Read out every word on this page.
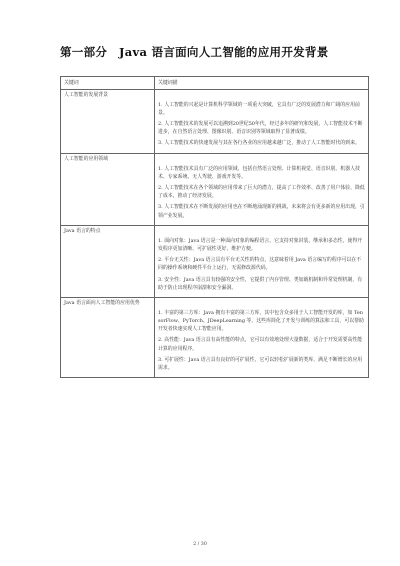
第一部分　Java 语言面向人工智能的应用开发背景
关键词	关键词描
人工智能的发展背景	1. 人工智能的兴起是计算机科学领域的一项重大突破，它具有广泛的发展潜力和广阔的应用前景。
2. 人工智能技术的发展可以追溯到20世纪50年代，经过多年的研究和发展，人工智能技术不断进步，在自然语言处理、图像识别、语音识别等领域取得了显著成绩。
3. 人工智能技术的快速发展与其在各行各业的应用越来越广泛，推动了人工智能时代的到来。

人工智能的应用领域	1. 人工智能技术具有广泛的应用领域，包括自然语言处理、计算机视觉、语音识别、机器人技术、专家系统、无人驾驶、游戏开发等。
2. 人工智能技术在各个领域的应用带来了巨大的潜力，提高了工作效率、改善了用户体验、降低了成本，推动了经济发展。
3. 人工智能技术在不断发展的应用也在不断地涌现新的挑战，未来将会有更多新的应用出现，引领产业发展。

Java 语言的特点	1. 面向对象：Java 语言是一种面向对象的编程语言，它支持对象封装、继承和多态性，使得开发程序更加清晰、可扩展性更好、维护方便。
2. 平台无关性：Java 语言具有平台无关性的特点，这意味着用 Java 语言编写的程序可以在不同的操作系统和硬件平台上运行，无需修改源代码。
3. 安全性：Java 语言具有较强的安全性，它提供了内存管理、类加载机制和异常处理机制，有助于防止出现程序崩溃和安全漏洞。

Java 语言面向人工智能的应用优势	1. 丰富的第三方库：Java 拥有丰富的第三方库，其中包含众多用于人工智能开发的库，如 TensorFlow、PyTorch、JDeepLearning 等，这些库简化了开发与训练的算法和工具，可以帮助开发者快速实现人工智能应用。
2. 高性能：Java 语言具有高性能的特点，它可以有效地处理大量数据，适合于开发需要高性能计算的应用程序。
3. 可扩展性：Java 语言具有良好的可扩展性，它可以轻松扩展新的类库，满足不断增长的应用需求。
2 / 30
